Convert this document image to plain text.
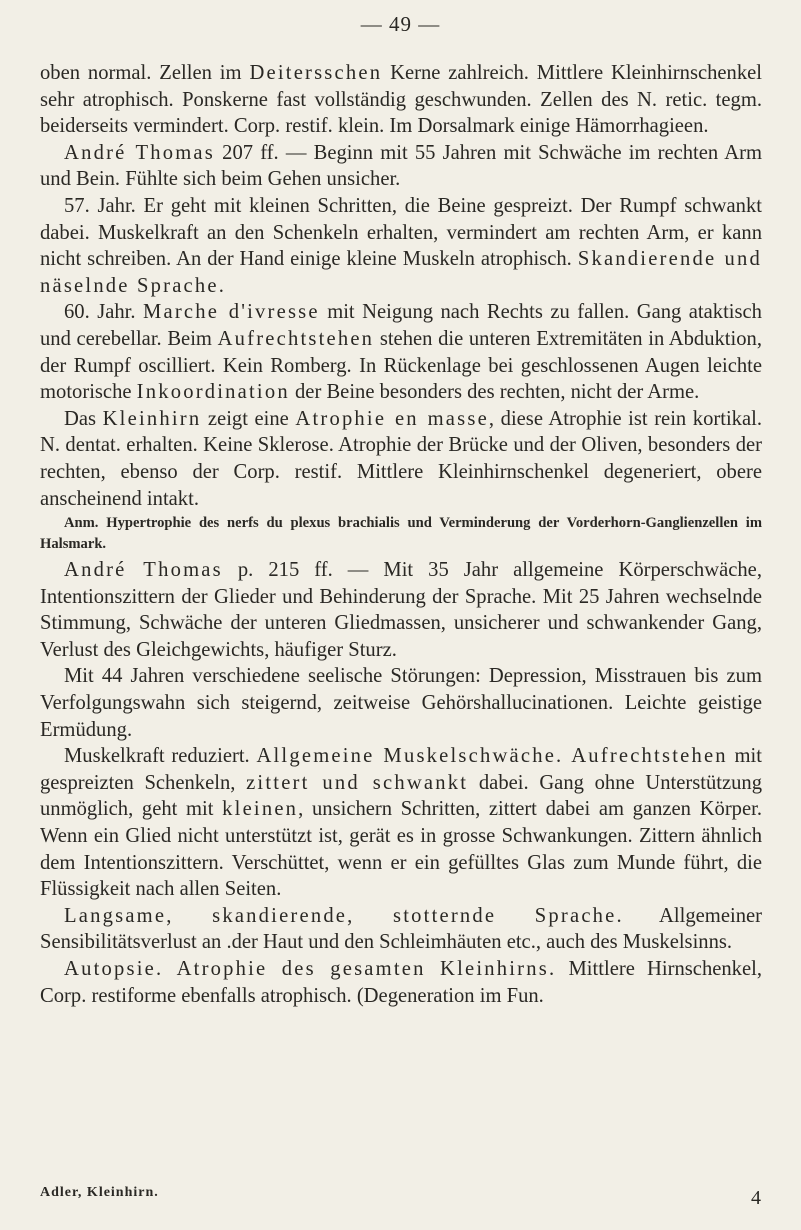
— 49 —

oben normal. Zellen im Deitersschen Kerne zahlreich. Mittlere Kleinhirnschenkel sehr atrophisch. Ponskerne fast vollständig geschwunden. Zellen des N. retic. tegm. beiderseits vermindert. Corp. restif. klein. Im Dorsalmark einige Hämorrhagieen.

André Thomas 207 ff. — Beginn mit 55 Jahren mit Schwäche im rechten Arm und Bein. Fühlte sich beim Gehen unsicher.

57. Jahr. Er geht mit kleinen Schritten, die Beine gespreizt. Der Rumpf schwankt dabei. Muskelkraft an den Schenkeln erhalten, vermindert am rechten Arm, er kann nicht schreiben. An der Hand einige kleine Muskeln atrophisch. Skandierende und näselnde Sprache.

60. Jahr. Marche d'ivresse mit Neigung nach Rechts zu fallen. Gang ataktisch und cerebellar. Beim Aufrechtstehen stehen die unteren Extremitäten in Abduktion, der Rumpf oscilliert. Kein Romberg. In Rückenlage bei geschlossenen Augen leichte motorische Inkoordination der Beine besonders des rechten, nicht der Arme.

Das Kleinhirn zeigt eine Atrophie en masse, diese Atrophie ist rein kortikal. N. dentat. erhalten. Keine Sklerose. Atrophie der Brücke und der Oliven, besonders der rechten, ebenso der Corp. restif. Mittlere Kleinhirnschenkel degeneriert, obere anscheinend intakt.

Anm. Hypertrophie des nerfs du plexus brachialis und Verminderung der Vorderhorn-Ganglienzellen im Halsmark.

André Thomas p. 215 ff. — Mit 35 Jahr allgemeine Körperschwäche, Intentionszittern der Glieder und Behinderung der Sprache. Mit 25 Jahren wechselnde Stimmung, Schwäche der unteren Gliedmassen, unsicherer und schwankender Gang, Verlust des Gleichgewichts, häufiger Sturz.

Mit 44 Jahren verschiedene seelische Störungen: Depression, Misstrauen bis zum Verfolgungswahn sich steigernd, zeitweise Gehörshallucinationen. Leichte geistige Ermüdung.

Muskelkraft reduziert. Allgemeine Muskelschwäche. Aufrechtstehen mit gespreizten Schenkeln, zittert und schwankt dabei. Gang ohne Unterstützung unmöglich, geht mit kleinen, unsichern Schritten, zittert dabei am ganzen Körper. Wenn ein Glied nicht unterstützt ist, gerät es in grosse Schwankungen. Zittern ähnlich dem Intentionszittern. Verschüttet, wenn er ein gefülltes Glas zum Munde führt, die Flüssigkeit nach allen Seiten.

Langsame, skandierende, stotternde Sprache. Allgemeiner Sensibilitätsverlust an .der Haut und den Schleimhäuten etc., auch des Muskelsinns.

Autopsie. Atrophie des gesamten Kleinhirns. Mittlere Hirnschenkel, Corp. restiforme ebenfalls atrophisch. (Degeneration im Fun.

Adler, Kleinhirn.	4
